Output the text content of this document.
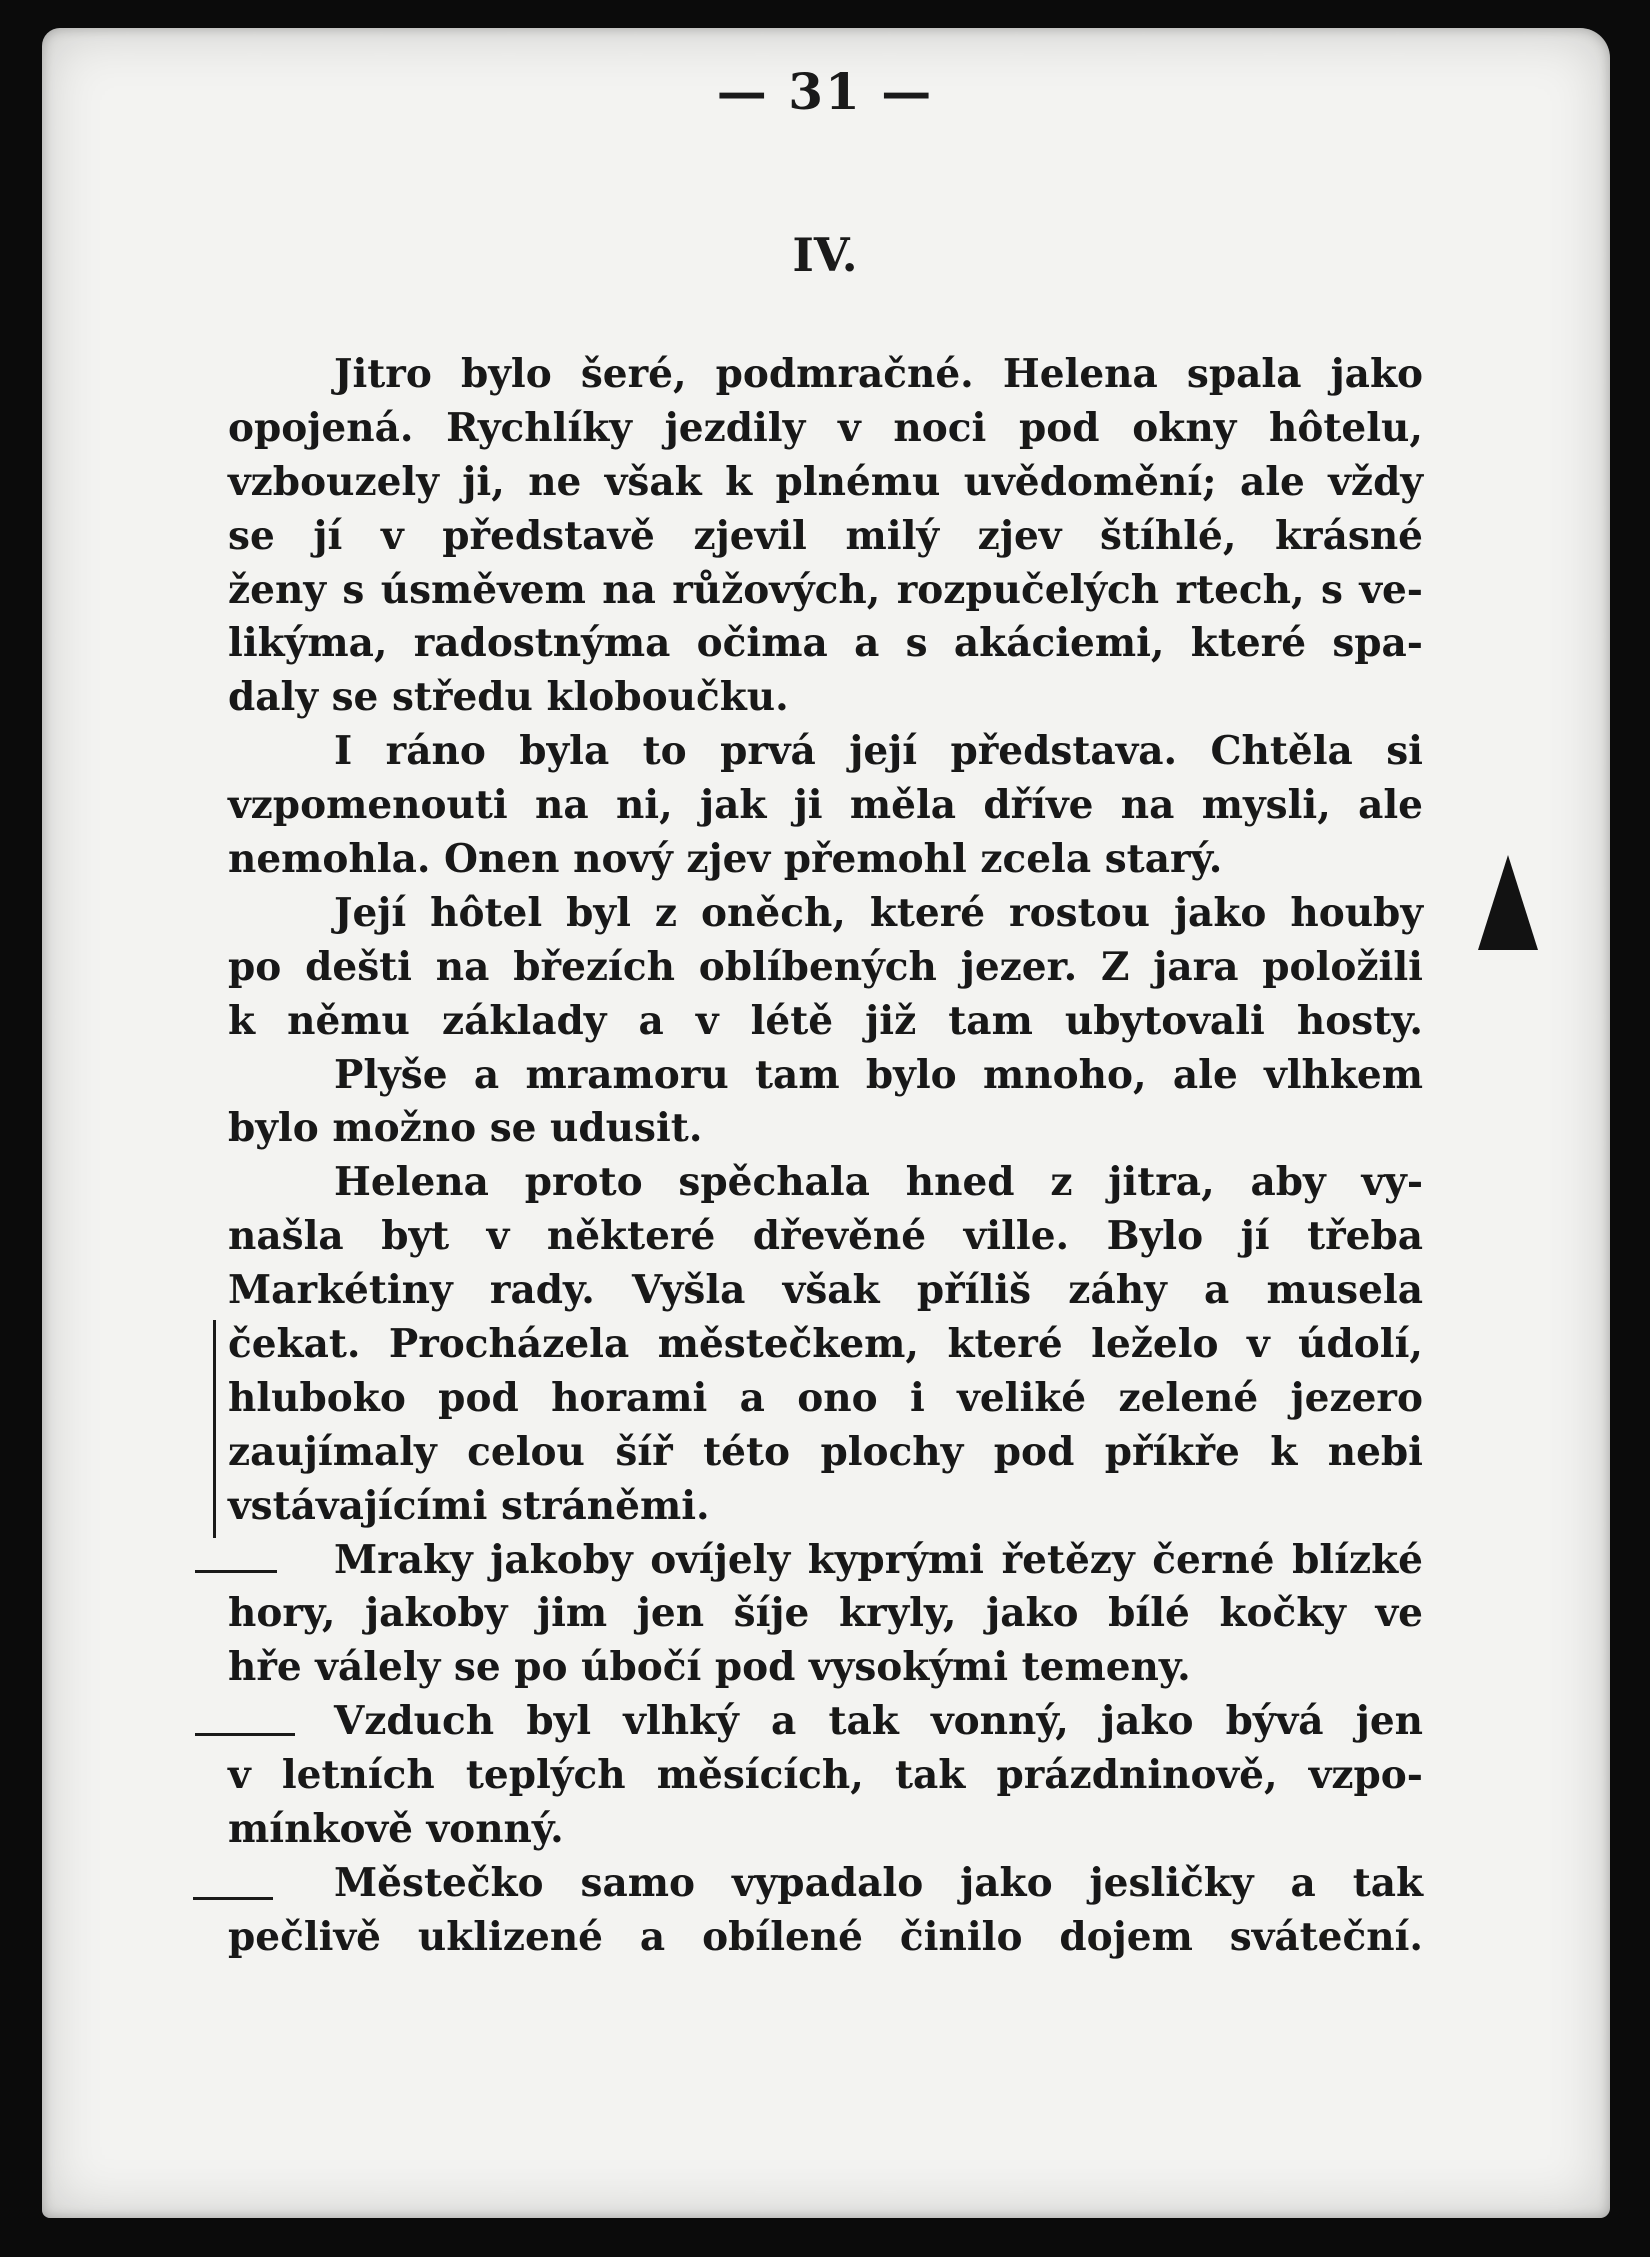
— 31 —
IV.
Jitro bylo šeré, podmračné. Helena spala jako
opojená. Rychlíky jezdily v noci pod okny hôtelu,
vzbouzely ji, ne však k plnému uvědomění; ale vždy
se jí v představě zjevil milý zjev štíhlé, krásné
ženy s úsměvem na růžových, rozpučelých rtech, s ve-
likýma, radostnýma očima a s akáciemi, které spa-
daly se středu kloboučku.
I ráno byla to prvá její představa. Chtěla si
vzpomenouti na ni, jak ji měla dříve na mysli, ale
nemohla. Onen nový zjev přemohl zcela starý.
Její hôtel byl z oněch, které rostou jako houby
po dešti na březích oblíbených jezer. Z jara položili
k němu základy a v létě již tam ubytovali hosty.
Plyše a mramoru tam bylo mnoho, ale vlhkem
bylo možno se udusit.
Helena proto spěchala hned z jitra, aby vy-
našla byt v některé dřevěné ville. Bylo jí třeba
Markétiny rady. Vyšla však příliš záhy a musela
čekat. Procházela městečkem, které leželo v údolí,
hluboko pod horami a ono i veliké zelené jezero
zaujímaly celou šíř této plochy pod příkře k nebi
vstávajícími stráněmi.
Mraky jakoby ovíjely kyprými řetězy černé blízké
hory, jakoby jim jen šíje kryly, jako bílé kočky ve
hře válely se po úbočí pod vysokými temeny.
Vzduch byl vlhký a tak vonný, jako bývá jen
v letních teplých měsících, tak prázdninově, vzpo-
mínkově vonný.
Městečko samo vypadalo jako jesličky a tak
pečlivě uklizené a obílené činilo dojem sváteční.
